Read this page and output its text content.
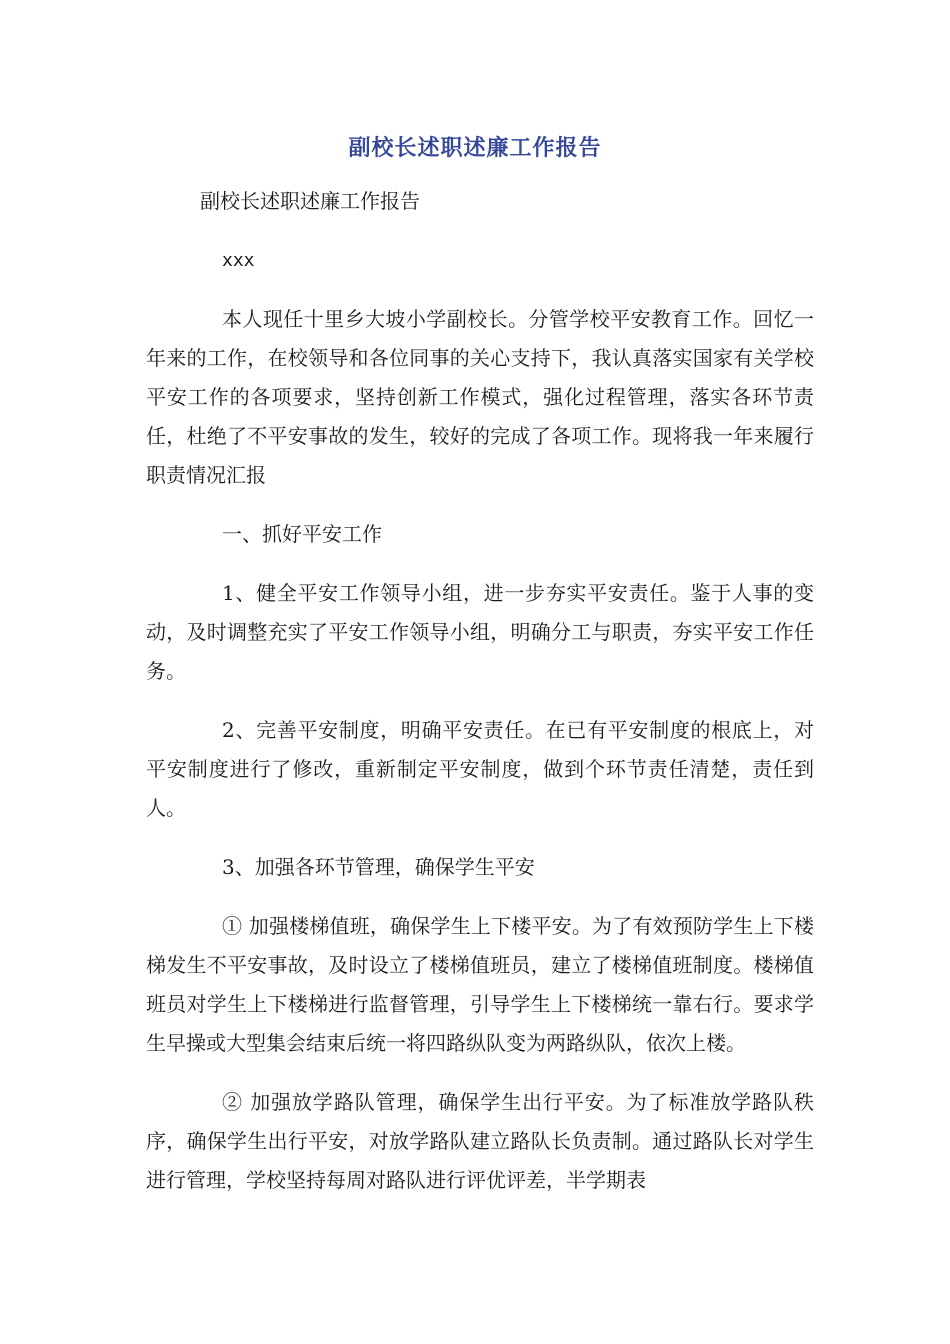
副校长述职述廉工作报告

副校长述职述廉工作报告

xxx

本人现任十里乡大坡小学副校长。分管学校平安教育工作。回忆一年来的工作，在校领导和各位同事的关心支持下，我认真落实国家有关学校平安工作的各项要求，坚持创新工作模式，强化过程管理，落实各环节责任，杜绝了不平安事故的发生，较好的完成了各项工作。现将我一年来履行职责情况汇报

一、抓好平安工作

1、健全平安工作领导小组，进一步夯实平安责任。鉴于人事的变动，及时调整充实了平安工作领导小组，明确分工与职责，夯实平安工作任务。

2、完善平安制度，明确平安责任。在已有平安制度的根底上，对平安制度进行了修改，重新制定平安制度，做到个环节责任清楚，责任到人。

3、加强各环节管理，确保学生平安

① 加强楼梯值班，确保学生上下楼平安。为了有效预防学生上下楼梯发生不平安事故，及时设立了楼梯值班员，建立了楼梯值班制度。楼梯值班员对学生上下楼梯进行监督管理，引导学生上下楼梯统一靠右行。要求学生早操或大型集会结束后统一将四路纵队变为两路纵队，依次上楼。

② 加强放学路队管理，确保学生出行平安。为了标准放学路队秩序，确保学生出行平安，对放学路队建立路队长负责制。通过路队长对学生进行管理，学校坚持每周对路队进行评优评差，半学期表
